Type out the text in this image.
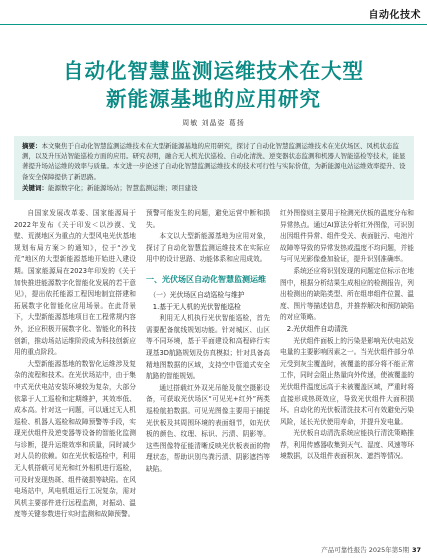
自动化技术
自动化智慧监测运维技术在大型
新能源基地的应用研究
周敏 刘晶姿 葛扬

摘要：本文聚焦于自动化智慧监测运维技术在大型新能源基地的应用研究，探讨了自动化智慧监测运维技术在光伏场区、风机状态监测，以及升压站智能巡检方面的应用。研究表明，融合无人机光伏巡检、自动化清洗、逆变器状态监测和机器人智能巡检等技术，能显著提升场站运维的效率与质量。本文进一步论述了自动化智慧监测运维技术的技术可行性与实际价值，为新能源电站运维效率提升、设备安全保障提供了新思路。

关键词：能源数字化；新能源场站；智慧监测运维；项目建设

自国家发展改革委、国家能源局于2022年发布《关于印发＜以沙漠、戈壁、荒漠地区为重点的大型风电光伏基地规划布局方案＞的通知》，位于“沙戈荒”地区的大型新能源基地开始进入建设期。国家能源局在2023年印发的《关于加快推进能源数字化智能化发展的若干意见》，提出依托能源工程因地制宜搭建和拓展数字化智能化应用场景。在此背景下，大型新能源基地项目在工程常规内容外，还应积极开展数字化、智能化的科技创新，推动场站运维阶段成为科技创新应用的重点阶段。

大型新能源基地的数智化运维涉及复杂的流程和技术。在光伏场站中，由于集中式光伏电站安装环境较为复杂，大部分依靠于人工巡检和定期维护，其效率低、成本高。针对这一问题，可以通过无人机巡检、机器人巡检和故障预警等手段，实现光伏组件及逆变器等设备的智能化监测与诊断，提升运维效率和质量，同时减少对人员的依赖。如在光伏板巡检中，利用无人机搭载可见光和红外相机进行巡检，可及时发现热斑、组件破损等缺陷。在风电场站中，风电机组运行工况复杂，需对风机主要部件进行远程监测，对振动、温度等关键参数进行实时监测和故障预警。

预警可能发生的问题，避免运营中断和损失。

本文以大型新能源基地为应用对象，探讨了自动化智慧监测运维技术在实际应用中的设计思路、功能体系和应用成效。

一、光伏场区自动化智慧监测运维
（一）光伏场区自动巡检与维护
1.基于无人机的光伏智能巡检

利用无人机执行光伏智能巡检，首先需要配备航线规划功能。针对城区、山区等不同环境，基于平面建设和高程碎行实现基3D航路规划及仿真模拟；针对具备高精地图数据的区域，支持空中管道式安全航路的智能规划。

通过搭载红外双光吊舱及航空摄影设备，可获取光伏场区“可见光+红外”两类巡检航拍数据。可见光图像主要用于捕捉光伏板及其周围环境的表面细节，如光伏板的颜色、纹理、标识、污渍、阴影等。这些图像特征能清晰反映光伏板表面的物理状态，帮助识别鸟粪污渍、阴影遮挡等缺陷。

红外图像则主要用于检测光伏板的温度分布和异常热点。通过AI算法分析红外图像，可识别出因组件异常、组件受关、表面脏污、电池片故障等导致的异常发热或温度不均问题，并能与可见光影像叠加验证，提升识别准确率。

系统还应将识别发现的问题定位标示在地图中，根据分析结果生成相应的检测报告，列出检测出的缺陷类型、所在组串组件位置、温度、图片等描述信息，并推荐解决和预防缺陷的对应策略。

2.光伏组件自动清洗

光伏组件面板上的污染是影响光伏电站发电量的主要影响因素之一。当光伏组件部分单元受到灰尘覆盖时，被覆盖的部分将不能正常工作，同时会阻止热量向外传递，使被覆盖的光伏组件温度远高于未被覆盖区域，严重时将直接形成热斑效应，导致光伏组件大面积损坏。自动化的光伏板清洗技术可有效避免污染风险，延长光伏使用寿命，并提升发电量。

光伏板自动清洗系统应能执行清洗策略推荐，利用传感器收集到天气、湿度、风速等环境数据，以及组件表面积灰、遮挡等情况。

产品可靠性报告 2025年第5期 37
